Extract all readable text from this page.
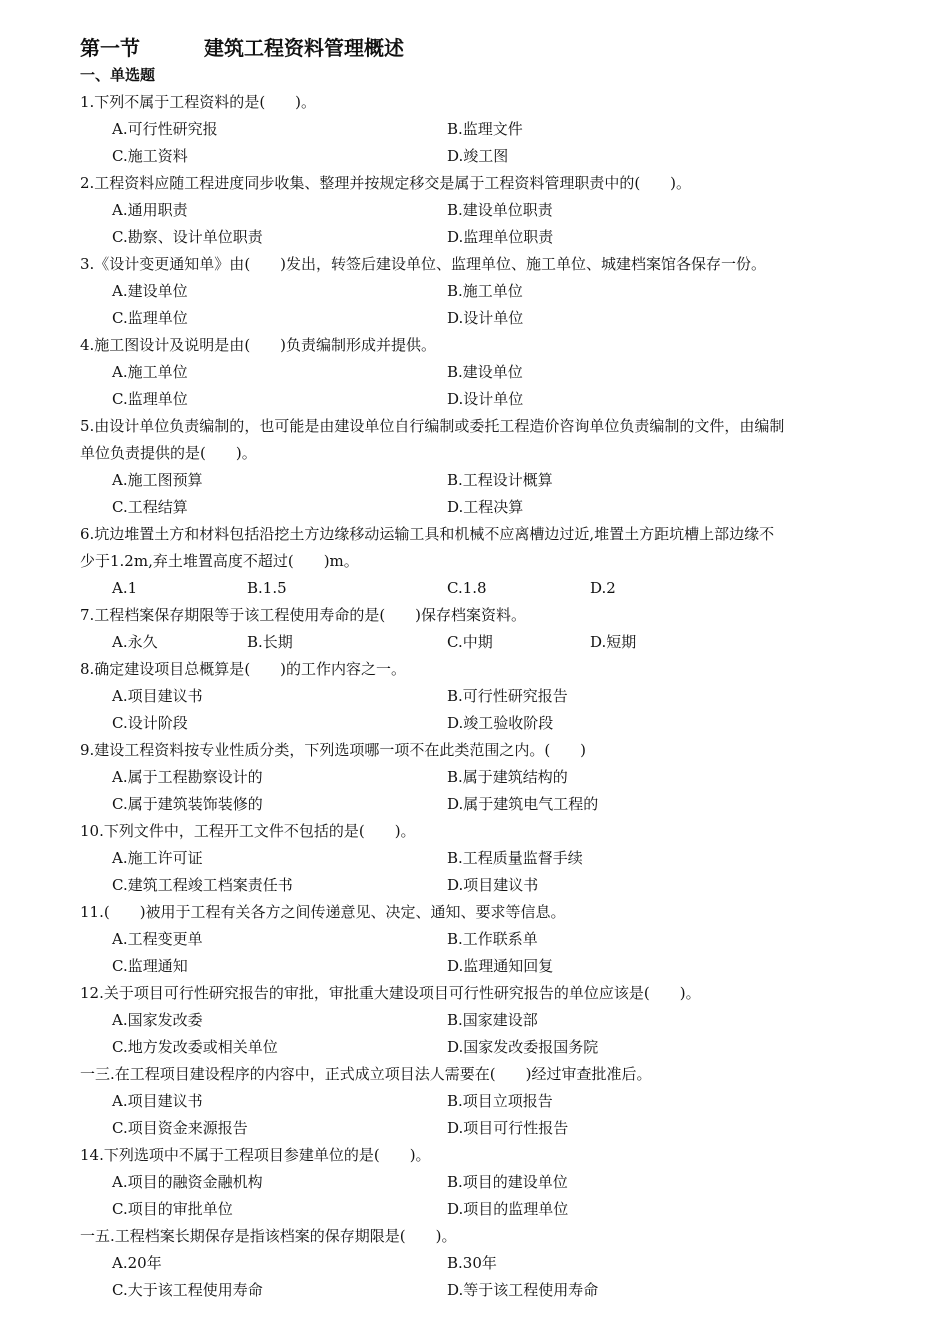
第一节	建筑工程资料管理概述
一、单选题
1.下列不属于工程资料的是(　　)。
A.可行性研究报	B.监理文件
C.施工资料	D.竣工图
2.工程资料应随工程进度同步收集、整理并按规定移交是属于工程资料管理职责中的(　　)。
A.通用职责	B.建设单位职责
C.勘察、设计单位职责	D.监理单位职责
3.《设计变更通知单》由(　　)发出，转签后建设单位、监理单位、施工单位、城建档案馆各保存一份。
A.建设单位	B.施工单位
C.监理单位	D.设计单位
4.施工图设计及说明是由(　　)负责编制形成并提供。
A.施工单位	B.建设单位
C.监理单位	D.设计单位
5.由设计单位负责编制的，也可能是由建设单位自行编制或委托工程造价咨询单位负责编制的文件，由编制
单位负责提供的是(　　)。
A.施工图预算	B.工程设计概算
C.工程结算	D.工程决算
6.坑边堆置土方和材料包括沿挖土方边缘移动运输工具和机械不应离槽边过近,堆置土方距坑槽上部边缘不
少于1.2m,弃土堆置高度不超过(　　)m。
A.1	B.1.5	C.1.8	D.2
7.工程档案保存期限等于该工程使用寿命的是(　　)保存档案资料。
A.永久	B.长期	C.中期	D.短期
8.确定建设项目总概算是(　　)的工作内容之一。
A.项目建议书	B.可行性研究报告
C.设计阶段	D.竣工验收阶段
9.建设工程资料按专业性质分类，下列选项哪一项不在此类范围之内。(　　)
A.属于工程勘察设计的	B.属于建筑结构的
C.属于建筑装饰装修的	D.属于建筑电气工程的
10.下列文件中，工程开工文件不包括的是(　　)。
A.施工许可证	B.工程质量监督手续
C.建筑工程竣工档案责任书	D.项目建议书
11.(　　)被用于工程有关各方之间传递意见、决定、通知、要求等信息。
A.工程变更单	B.工作联系单
C.监理通知	D.监理通知回复
12.关于项目可行性研究报告的审批，审批重大建设项目可行性研究报告的单位应该是(　　)。
A.国家发改委	B.国家建设部
C.地方发改委或相关单位	D.国家发改委报国务院
一三.在工程项目建设程序的内容中，正式成立项目法人需要在(　　)经过审查批准后。
A.项目建议书	B.项目立项报告
C.项目资金来源报告	D.项目可行性报告
14.下列选项中不属于工程项目参建单位的是(　　)。
A.项目的融资金融机构	B.项目的建设单位
C.项目的审批单位	D.项目的监理单位
一五.工程档案长期保存是指该档案的保存期限是(　　)。
A.20年	B.30年
C.大于该工程使用寿命	D.等于该工程使用寿命
